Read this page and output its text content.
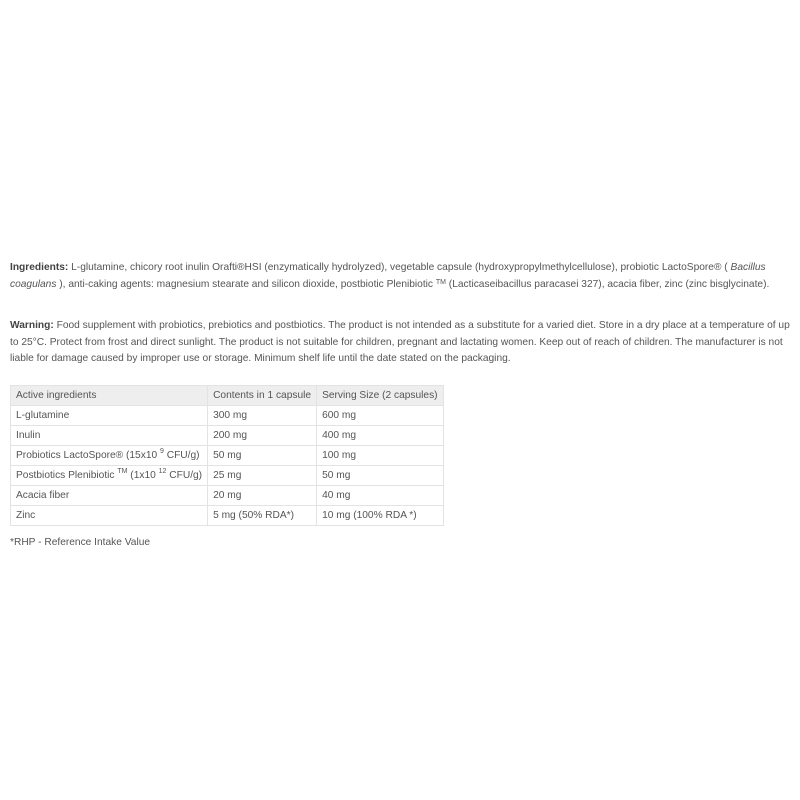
Ingredients: L-glutamine, chicory root inulin Orafti®HSI (enzymatically hydrolyzed), vegetable capsule (hydroxypropylmethylcellulose), probiotic LactoSpore® ( Bacillus coagulans ), anti-caking agents: magnesium stearate and silicon dioxide, postbiotic Plenibiotic ™ (Lacticaseibacillus paracasei 327), acacia fiber, zinc (zinc bisglycinate).

Warning: Food supplement with probiotics, prebiotics and postbiotics. The product is not intended as a substitute for a varied diet. Store in a dry place at a temperature of up to 25°C. Protect from frost and direct sunlight. The product is not suitable for children, pregnant and lactating women. Keep out of reach of children. The manufacturer is not liable for damage caused by improper use or storage. Minimum shelf life until the date stated on the packaging.

Active ingredients	Contents in 1 capsule	Serving Size (2 capsules)
L-glutamine	300 mg	600 mg
Inulin	200 mg	400 mg
Probiotics LactoSpore® (15x10 $^9$ CFU/g)	50 mg	100 mg
Postbiotics Plenibiotic ™ (1x10 $^{12}$ CFU/g)	25 mg	50 mg
Acacia fiber	20 mg	40 mg
Zinc	5 mg (50% RDA*)	10 mg (100% RDA *)

*RHP - Reference Intake Value
